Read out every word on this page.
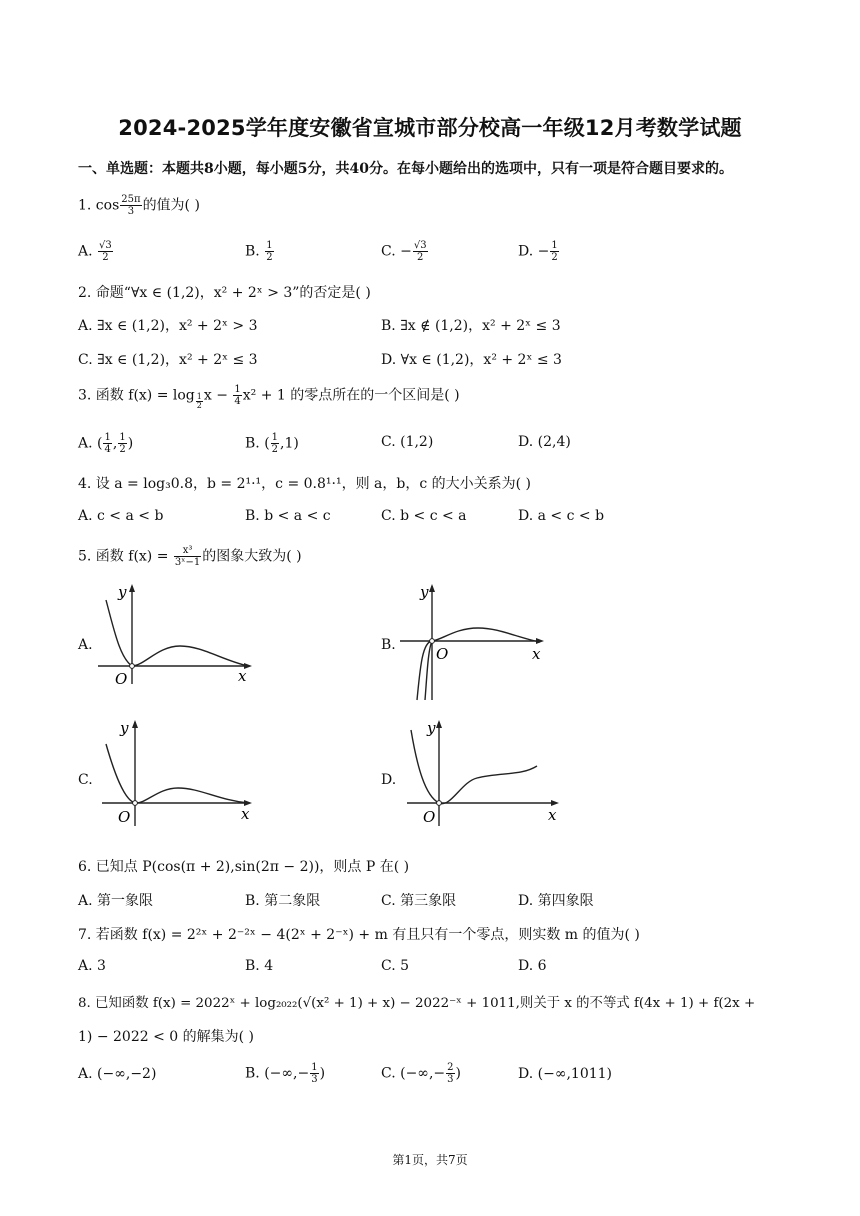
2024-2025学年度安徽省宣城市部分校高一年级12月考数学试题
一、单选题：本题共8小题，每小题5分，共40分。在每小题给出的选项中，只有一项是符合题目要求的。
1. $\cos \frac{25\pi}{3}$ 的值为( )
A. $\frac{√3}{2}$	B. $\frac{1}{2}$	C. − $\frac{√3}{2}$	D. − $\frac{1}{2}$
2. 命题“∀x ∈ (1,2)，x² + 2ˣ > 3”的否定是( )
A. ∃x ∈ (1,2)，x² + 2ˣ > 3	B. ∃x ∉ (1,2)，x² + 2ˣ ≤ 3
C. ∃x ∈ (1,2)，x² + 2ˣ ≤ 3	D. ∀x ∈ (1,2)，x² + 2ˣ ≤ 3
3. 函数 $f(x) = \log \frac{1}{2}$ $x - \frac{1}{4} x^2 + 1$ 的零点所在的一个区间是( )
A. ( $\frac{1}{4}$ , $\frac{1}{2}$ )	B. ( $\frac{1}{2} ,1$)	C. (1,2)	D. (2,4)
4. 设 a = log₃0.8，b = 2¹·¹，c = 0.8¹·¹，则 a，b，c 的大小关系为( )
A. c < a < b	B. b < a < c	C. b < c < a	D. a < c < b
5. 函数 $f(x) = \frac{\text{x³}}{\text{3ˣ−1}}$ 的图象大致为( )
A.	B.
C.	D.
y
x
O
y
x
O
y
x
O
y
x
O
6. 已知点 P(cos(π + 2),sin(2π − 2))，则点 P 在( )
A. 第一象限	B. 第二象限	C. 第三象限	D. 第四象限
7. 若函数 f(x) = 2²ˣ + 2⁻²ˣ − 4(2ˣ + 2⁻ˣ) + m 有且只有一个零点，则实数 m 的值为( )
A. 3	B. 4	C. 5	D. 6
8. 已知函数 f(x) = 2022ˣ + log₂₀₂₂(√(x² + 1) + x) − 2022⁻ˣ + 1011,则关于 x 的不等式 f(4x + 1) + f(2x +
1) − 2022 < 0 的解集为( )
A. (−∞,−2)	B. (−∞,− $\frac{1}{3}$ )	C. (−∞,− $\frac{2}{3}$ )	D. (−∞,1011)
第1页，共7页
